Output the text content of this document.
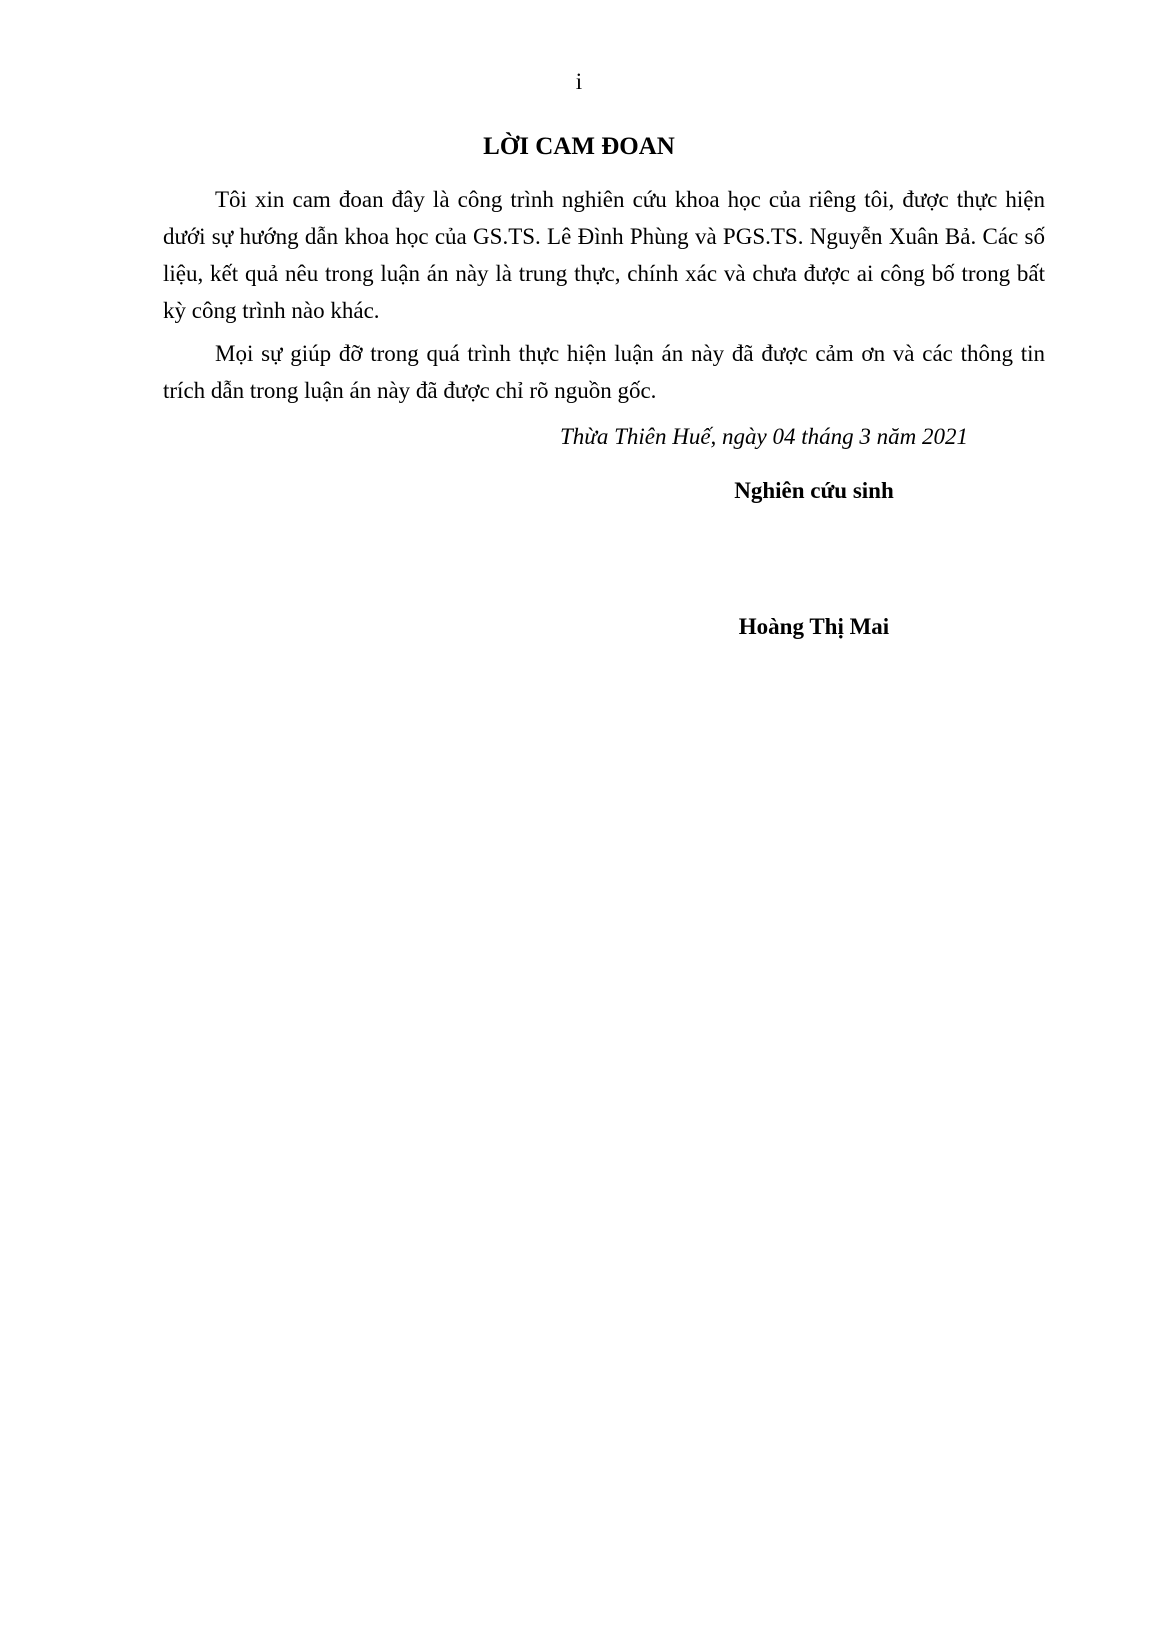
i
LỜI CAM ĐOAN

Tôi xin cam đoan đây là công trình nghiên cứu khoa học của riêng tôi, được thực hiện dưới sự hướng dẫn khoa học của GS.TS. Lê Đình Phùng và PGS.TS. Nguyễn Xuân Bả. Các số liệu, kết quả nêu trong luận án này là trung thực, chính xác và chưa được ai công bố trong bất kỳ công trình nào khác.

Mọi sự giúp đỡ trong quá trình thực hiện luận án này đã được cảm ơn và các thông tin trích dẫn trong luận án này đã được chỉ rõ nguồn gốc.

Thừa Thiên Huế, ngày 04 tháng 3 năm 2021
Nghiên cứu sinh
Hoàng Thị Mai
